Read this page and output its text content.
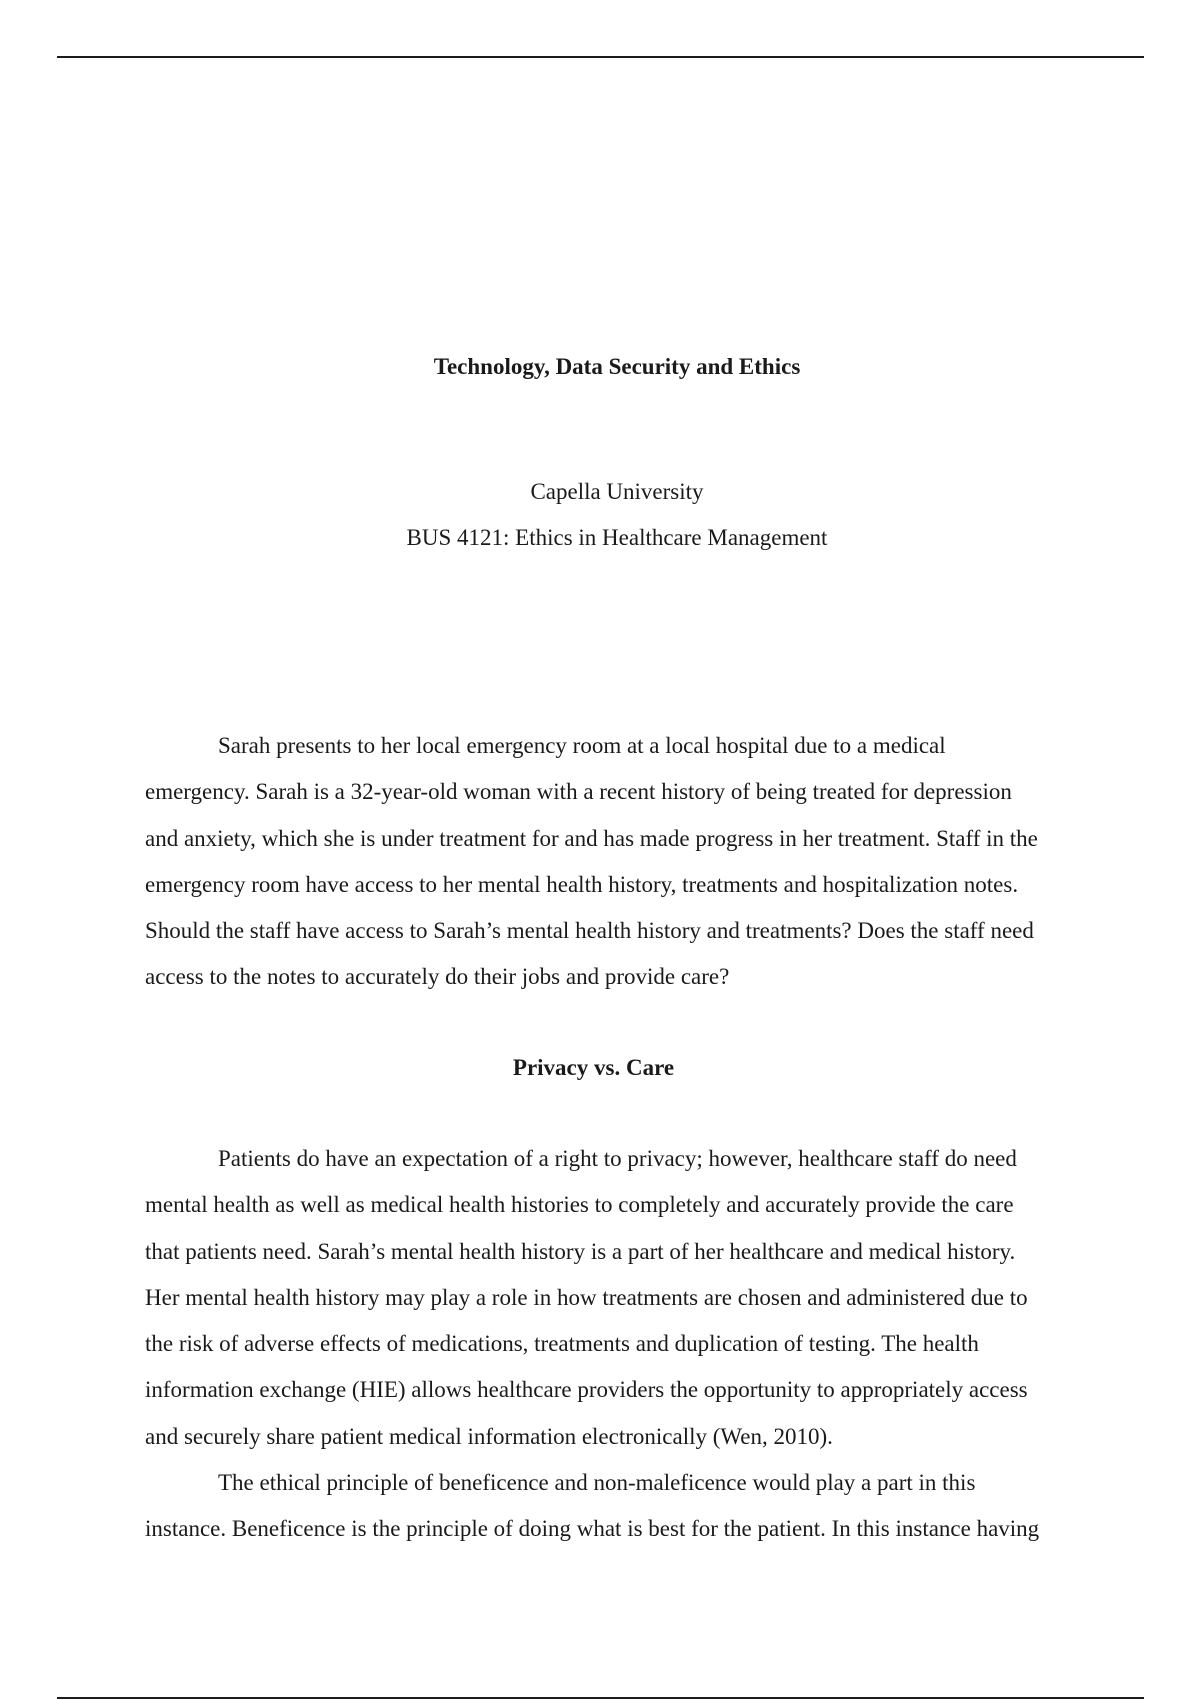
Technology, Data Security and Ethics
Capella University
BUS 4121: Ethics in Healthcare Management
Sarah presents to her local emergency room at a local hospital due to a medical
emergency. Sarah is a 32-year-old woman with a recent history of being treated for depression
and anxiety, which she is under treatment for and has made progress in her treatment. Staff in the
emergency room have access to her mental health history, treatments and hospitalization notes.
Should the staff have access to Sarah’s mental health history and treatments? Does the staff need
access to the notes to accurately do their jobs and provide care?
Privacy vs. Care
Patients do have an expectation of a right to privacy; however, healthcare staff do need
mental health as well as medical health histories to completely and accurately provide the care
that patients need. Sarah’s mental health history is a part of her healthcare and medical history.
Her mental health history may play a role in how treatments are chosen and administered due to
the risk of adverse effects of medications, treatments and duplication of testing. The health
information exchange (HIE) allows healthcare providers the opportunity to appropriately access
and securely share patient medical information electronically (Wen, 2010).
The ethical principle of beneficence and non-maleficence would play a part in this
instance. Beneficence is the principle of doing what is best for the patient. In this instance having
